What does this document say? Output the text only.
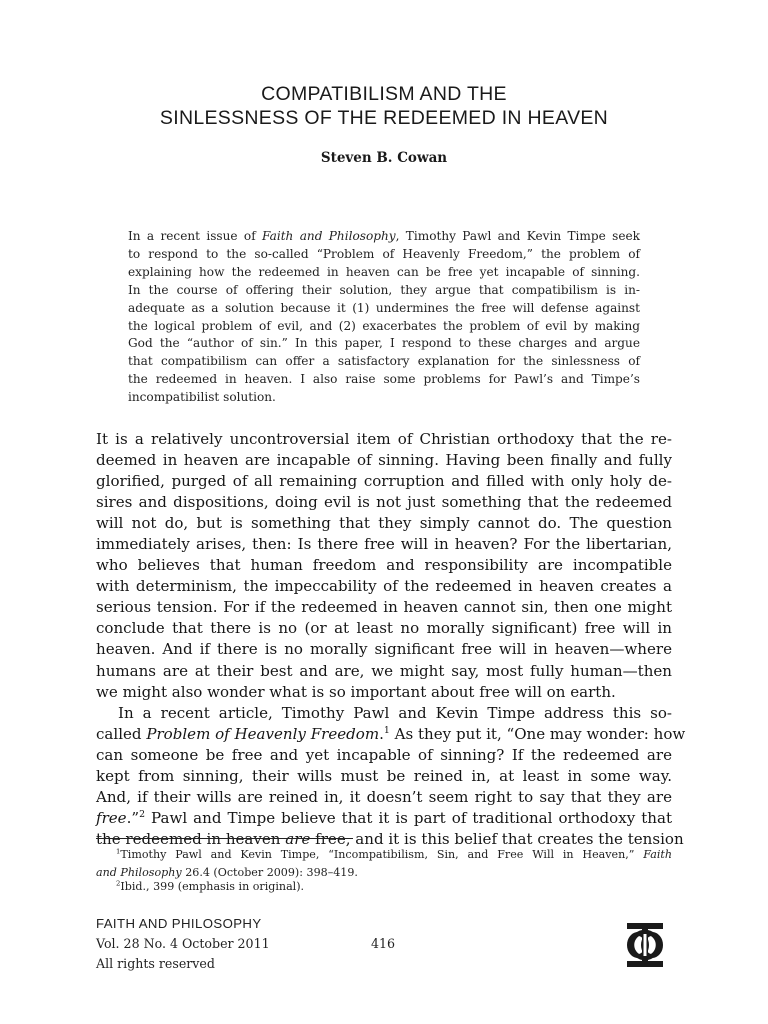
COMPATIBILISM AND THE
SINLESSNESS OF THE REDEEMED IN HEAVEN
Steven B. Cowan
In a recent issue of Faith and Philosophy, Timothy Pawl and Kevin Timpe seek
to respond to the so-called “Problem of Heavenly Freedom,” the problem of
explaining how the redeemed in heaven can be free yet incapable of sinning.
In the course of offering their solution, they argue that compatibilism is in-
adequate as a solution because it (1) undermines the free will defense against
the logical problem of evil, and (2) exacerbates the problem of evil by making
God the “author of sin.” In this paper, I respond to these charges and argue
that compatibilism can offer a satisfactory explanation for the sinlessness of
the redeemed in heaven. I also raise some problems for Pawl’s and Timpe’s
incompatibilist solution.
It is a relatively uncontroversial item of Christian orthodoxy that the re-
deemed in heaven are incapable of sinning. Having been finally and fully
glorified, purged of all remaining corruption and filled with only holy de-
sires and dispositions, doing evil is not just something that the redeemed
will not do, but is something that they simply cannot do. The question
immediately arises, then: Is there free will in heaven? For the libertarian,
who believes that human freedom and responsibility are incompatible
with determinism, the impeccability of the redeemed in heaven creates a
serious tension. For if the redeemed in heaven cannot sin, then one might
conclude that there is no (or at least no morally significant) free will in
heaven. And if there is no morally significant free will in heaven—where
humans are at their best and are, we might say, most fully human—then
we might also wonder what is so important about free will on earth.
In a recent article, Timothy Pawl and Kevin Timpe address this so-
called Problem of Heavenly Freedom.$^1$ As they put it, “One may wonder: how
can someone be free and yet incapable of sinning? If the redeemed are
kept from sinning, their wills must be reined in, at least in some way.
And, if their wills are reined in, it doesn’t seem right to say that they are
free.”$^2$ Pawl and Timpe believe that it is part of traditional orthodoxy that
the redeemed in heaven are free, and it is this belief that creates the tension
$^1$Timothy Pawl and Kevin Timpe, “Incompatibilism, Sin, and Free Will in Heaven,” Faith
and Philosophy 26.4 (October 2009): 398–419.
$^2$Ibid., 399 (emphasis in original).
FAITH AND PHILOSOPHY
Vol. 28 No. 4 October 2011
All rights reserved
416
